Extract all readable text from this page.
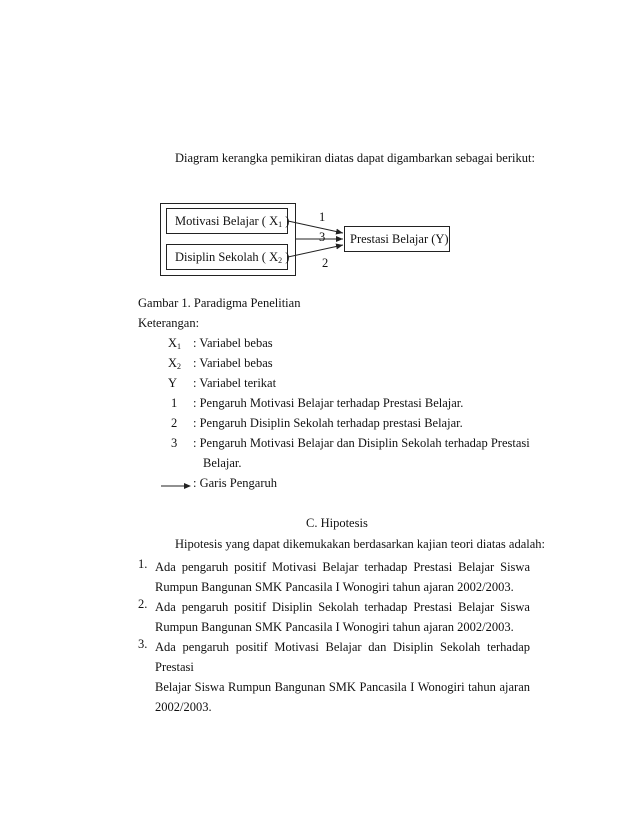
Diagram kerangka pemikiran diatas dapat digambarkan sebagai berikut:
Motivasi Belajar ( $X_1$ )
Disiplin Sekolah ( $X_2$ )
Prestasi Belajar (Y)
1
3
2
Gambar 1. Paradigma Penelitian
Keterangan:
$X_1$ : Variabel bebas
$X_2$ : Variabel bebas
Y : Variabel terikat
1 : Pengaruh Motivasi Belajar terhadap Prestasi Belajar.
2 : Pengaruh Disiplin Sekolah terhadap prestasi Belajar.
3 : Pengaruh Motivasi Belajar dan Disiplin Sekolah terhadap Prestasi
Belajar.
: Garis Pengaruh
C. Hipotesis
Hipotesis yang dapat dikemukakan berdasarkan kajian teori diatas adalah:
1. Ada pengaruh positif Motivasi Belajar terhadap Prestasi Belajar Siswa
Rumpun Bangunan SMK Pancasila I Wonogiri tahun ajaran 2002/2003.
2. Ada pengaruh positif Disiplin Sekolah terhadap Prestasi Belajar Siswa
Rumpun Bangunan SMK Pancasila I Wonogiri tahun ajaran 2002/2003.
3. Ada pengaruh positif Motivasi Belajar dan Disiplin Sekolah terhadap Prestasi
Belajar Siswa Rumpun Bangunan SMK Pancasila I Wonogiri tahun ajaran
2002/2003.
